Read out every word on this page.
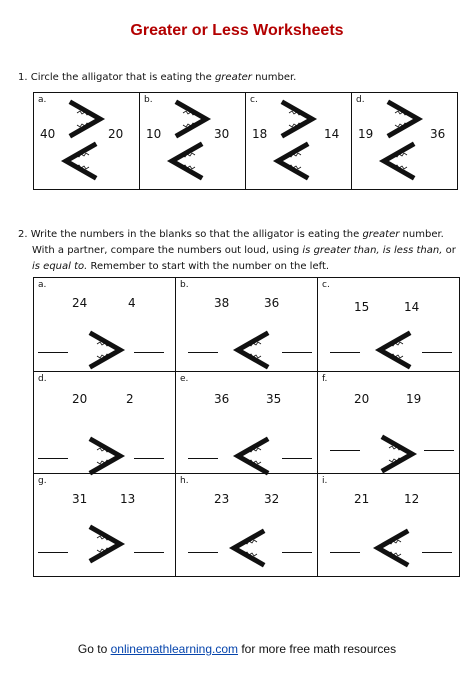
Greater or Less Worksheets
1. Circle the alligator that is eating the greater number.
a.
40	20

b.
10	30

c.
18	14

d.
19	36
2. Write the numbers in the blanks so that the alligator is eating the greater number.
With a partner, compare the numbers out loud, using is greater than, is less than, or
is equal to. Remember to start with the number on the left.
a.
24 4	b.
38 36	c.
15 14

d.
20 2	e.
36 35	f.
20 19

g.
31 13	h.
23 32	i.
21 12
Go to onlinemathlearning.com for more free math resources
